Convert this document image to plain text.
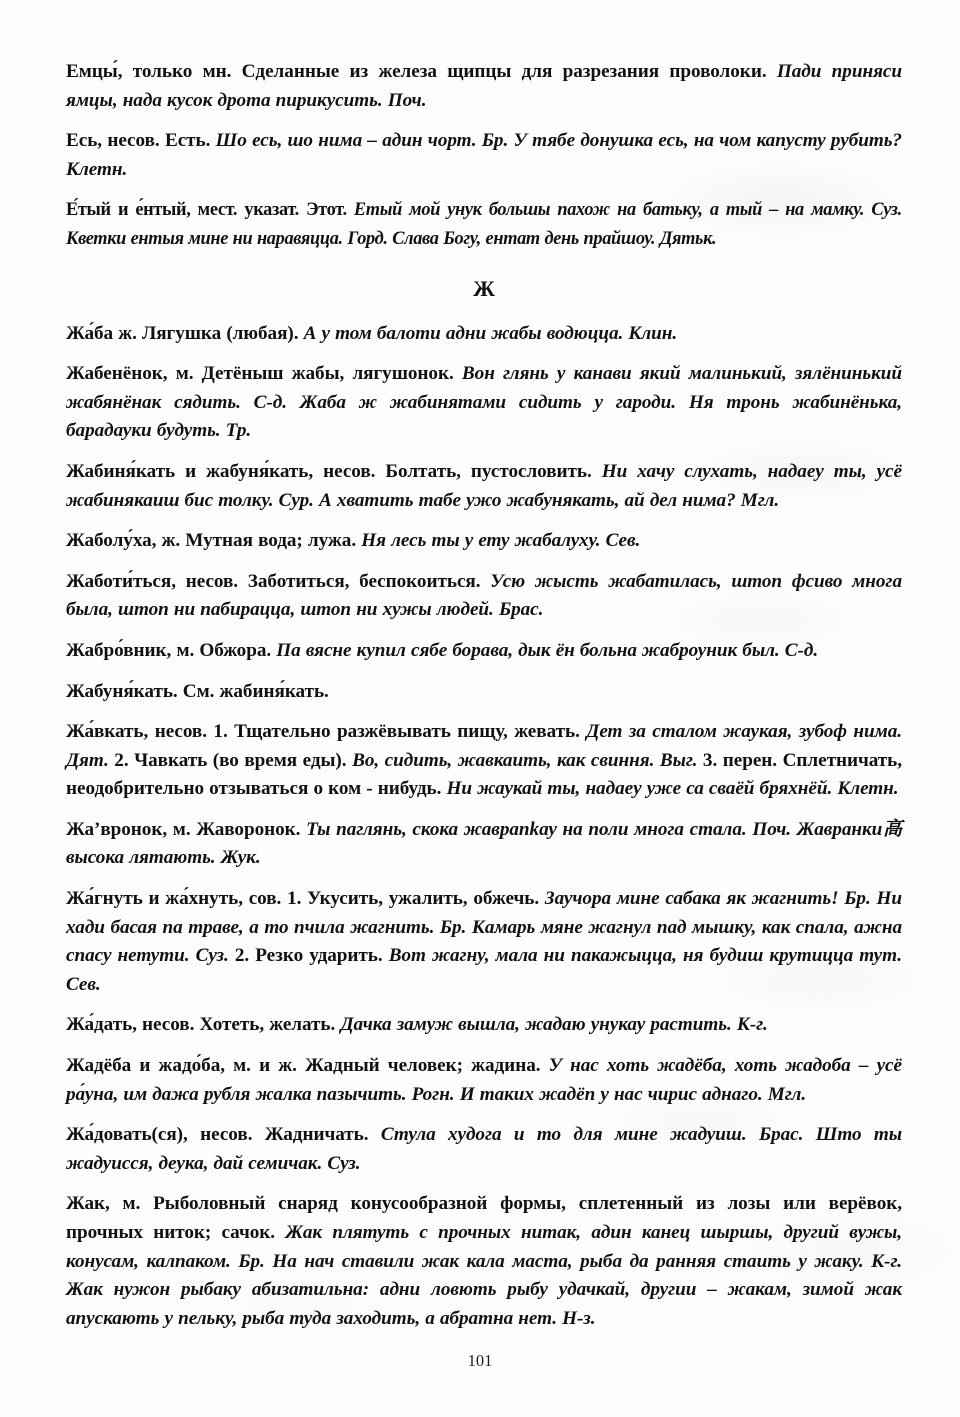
Емцы́, только мн. Сделанные из железа щипцы для разрезания проволоки. Пади приняси ямцы, нада кусок дрота пирикусить. Поч.

Есь, несов. Есть. Шо есь, шо нима – адин чорт. Бр. У тябе донушка есь, на чом капусту рубить? Клетн.

Е́тый и е́нтый, мест. указат. Этот. Етый мой унук большы пахож на батьку, а тый – на мамку. Суз. Кветки ентыя мине ни наравяцца. Горд. Слава Богу, ентат день прайшоу. Дятьк.

Ж

Жа́ба ж. Лягушка (любая). А у том балоти адни жабы водюцца. Клин.

Жабенёнок, м. Детёныш жабы, лягушонок. Вон глянь у канави який малинький, зялёнинький жабянёнак сядить. С-д. Жаба ж жабинятами сидить у гароди. Ня тронь жабинёнька, барадауки будуть. Тр.

Жабиня́кать и жабуня́кать, несов. Болтать, пустословить. Ни хачу слухать, надаеу ты, усё жабинякаиш бис толку. Сур. А хватить табе ужо жабунякать, ай дел нима? Мгл.

Жаболу́ха, ж. Мутная вода; лужа. Ня лесь ты у ету жабалуху. Сев.

Жаботи́ться, несов. Заботиться, беспокоиться. Усю жысть жабатилась, штоп фсиво многа была, штоп ни пабирацца, штоп ни хужы людей. Брас.

Жабро́вник, м. Обжора. Па вясне купил сябе борава, дык ён больна жаброуник был. С-д.

Жабуня́кать. См. жабиня́кать.

Жа́вкать, несов. 1. Тщательно разжёвывать пищу, жевать. Дет за сталом жаукая, зубоф нима. Дят. 2. Чавкать (во время еды). Во, сидить, жавкаить, как свиння. Выг. 3. перен. Сплетничать, неодобрительно отзываться о ком - нибудь. Ни жаукай ты, надаеу уже са сваёй бряхнёй. Клетн.

Жа’вронок, м. Жаворонок. Ты паглянь, скока жаврankау на поли многа стала. Поч. Жавранки高 высока лятають. Жук.

Жа́гнуть и жа́хнуть, сов. 1. Укусить, ужалить, обжечь. Заучора мине сабака як жагнить! Бр. Ни хади басая па траве, а то пчила жагнить. Бр. Камарь мяне жагнул пад мышку, как спала, ажна спасу нетути. Суз. 2. Резко ударить. Вот жагну, мала ни пакажыцца, ня будиш крутицца тут. Сев.

Жа́дать, несов. Хотеть, желать. Дачка замуж вышла, жадаю унукау растить. К-г.

Жадёба и жадо́ба, м. и ж. Жадный человек; жадина. У нас хоть жадёба, хоть жадоба – усё ра́уна, им дажа рубля жалка пазычить. Рогн. И таких жадёп у нас чирис аднаго. Мгл.

Жа́довать(ся), несов. Жадничать. Стула худога и то для мине жадуиш. Брас. Што ты жадуисся, деука, дай семичак. Суз.

Жак, м. Рыболовный снаряд конусообразной формы, сплетенный из лозы или верёвок, прочных ниток; сачок. Жак плятуть с прочных нитак, адин канец шыршы, другий вужы, конусам, калпаком. Бр. На нач ставили жак кала маста, рыба да ранняя стаить у жаку. К-г. Жак нужон рыбаку абизатильна: адни ловють рыбу удачкай, другии – жакам, зимой жак апускають у пельку, рыба туда заходить, а абратна нет. Н-з.

101
